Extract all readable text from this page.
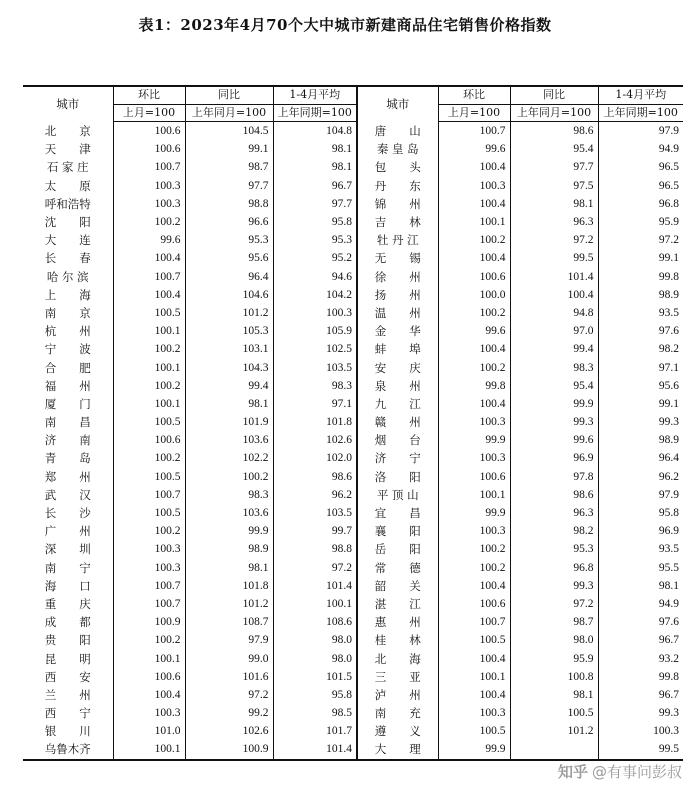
表1：2023年4月70个大中城市新建商品住宅销售价格指数
城市	环比	同比	1-4月平均	城市	环比	同比	1-4月平均
	上月=100	上年同月=100	上年同期=100		上月=100	上年同月=100	上年同期=100
北　　京	100.6	104.5	104.8	唐　　山	100.7	98.6	97.9
天　　津	100.6	99.1	98.1	秦 皇 岛	99.6	95.4	94.9
石 家 庄	100.7	98.7	98.1	包　　头	100.4	97.7	96.5
太　　原	100.3	97.7	96.7	丹　　东	100.3	97.5	96.5
呼和浩特	100.3	98.8	97.7	锦　　州	100.4	98.1	96.8
沈　　阳	100.2	96.6	95.8	吉　　林	100.1	96.3	95.9
大　　连	99.6	95.3	95.3	牡 丹 江	100.2	97.2	97.2
长　　春	100.4	95.6	95.2	无　　锡	100.4	99.5	99.1
哈 尔 滨	100.7	96.4	94.6	徐　　州	100.6	101.4	99.8
上　　海	100.4	104.6	104.2	扬　　州	100.0	100.4	98.9
南　　京	100.5	101.2	100.3	温　　州	100.2	94.8	93.5
杭　　州	100.1	105.3	105.9	金　　华	99.6	97.0	97.6
宁　　波	100.2	103.1	102.5	蚌　　埠	100.4	99.4	98.2
合　　肥	100.1	104.3	103.5	安　　庆	100.2	98.3	97.1
福　　州	100.2	99.4	98.3	泉　　州	99.8	95.4	95.6
厦　　门	100.1	98.1	97.1	九　　江	100.4	99.9	99.1
南　　昌	100.5	101.9	101.8	赣　　州	100.3	99.3	99.3
济　　南	100.6	103.6	102.6	烟　　台	99.9	99.6	98.9
青　　岛	100.2	102.2	102.0	济　　宁	100.3	96.9	96.4
郑　　州	100.5	100.2	98.6	洛　　阳	100.6	97.8	96.2
武　　汉	100.7	98.3	96.2	平 顶 山	100.1	98.6	97.9
长　　沙	100.5	103.6	103.5	宜　　昌	99.9	96.3	95.8
广　　州	100.2	99.9	99.7	襄　　阳	100.3	98.2	96.9
深　　圳	100.3	98.9	98.8	岳　　阳	100.2	95.3	93.5
南　　宁	100.3	98.1	97.2	常　　德	100.2	96.8	95.5
海　　口	100.7	101.8	101.4	韶　　关	100.4	99.3	98.1
重　　庆	100.7	101.2	100.1	湛　　江	100.6	97.2	94.9
成　　都	100.9	108.7	108.6	惠　　州	100.7	98.7	97.6
贵　　阳	100.2	97.9	98.0	桂　　林	100.5	98.0	96.7
昆　　明	100.1	99.0	98.0	北　　海	100.4	95.9	93.2
西　　安	100.6	101.6	101.5	三　　亚	100.1	100.8	99.8
兰　　州	100.4	97.2	95.8	泸　　州	100.4	98.1	96.7
西　　宁	100.3	99.2	98.5	南　　充	100.3	100.5	99.3
银　　川	101.0	102.6	101.7	遵　　义	100.5	101.2	100.3
乌鲁木齐	100.1	100.9	101.4	大　　理	99.9		99.5
知乎 @有事问彭叔
